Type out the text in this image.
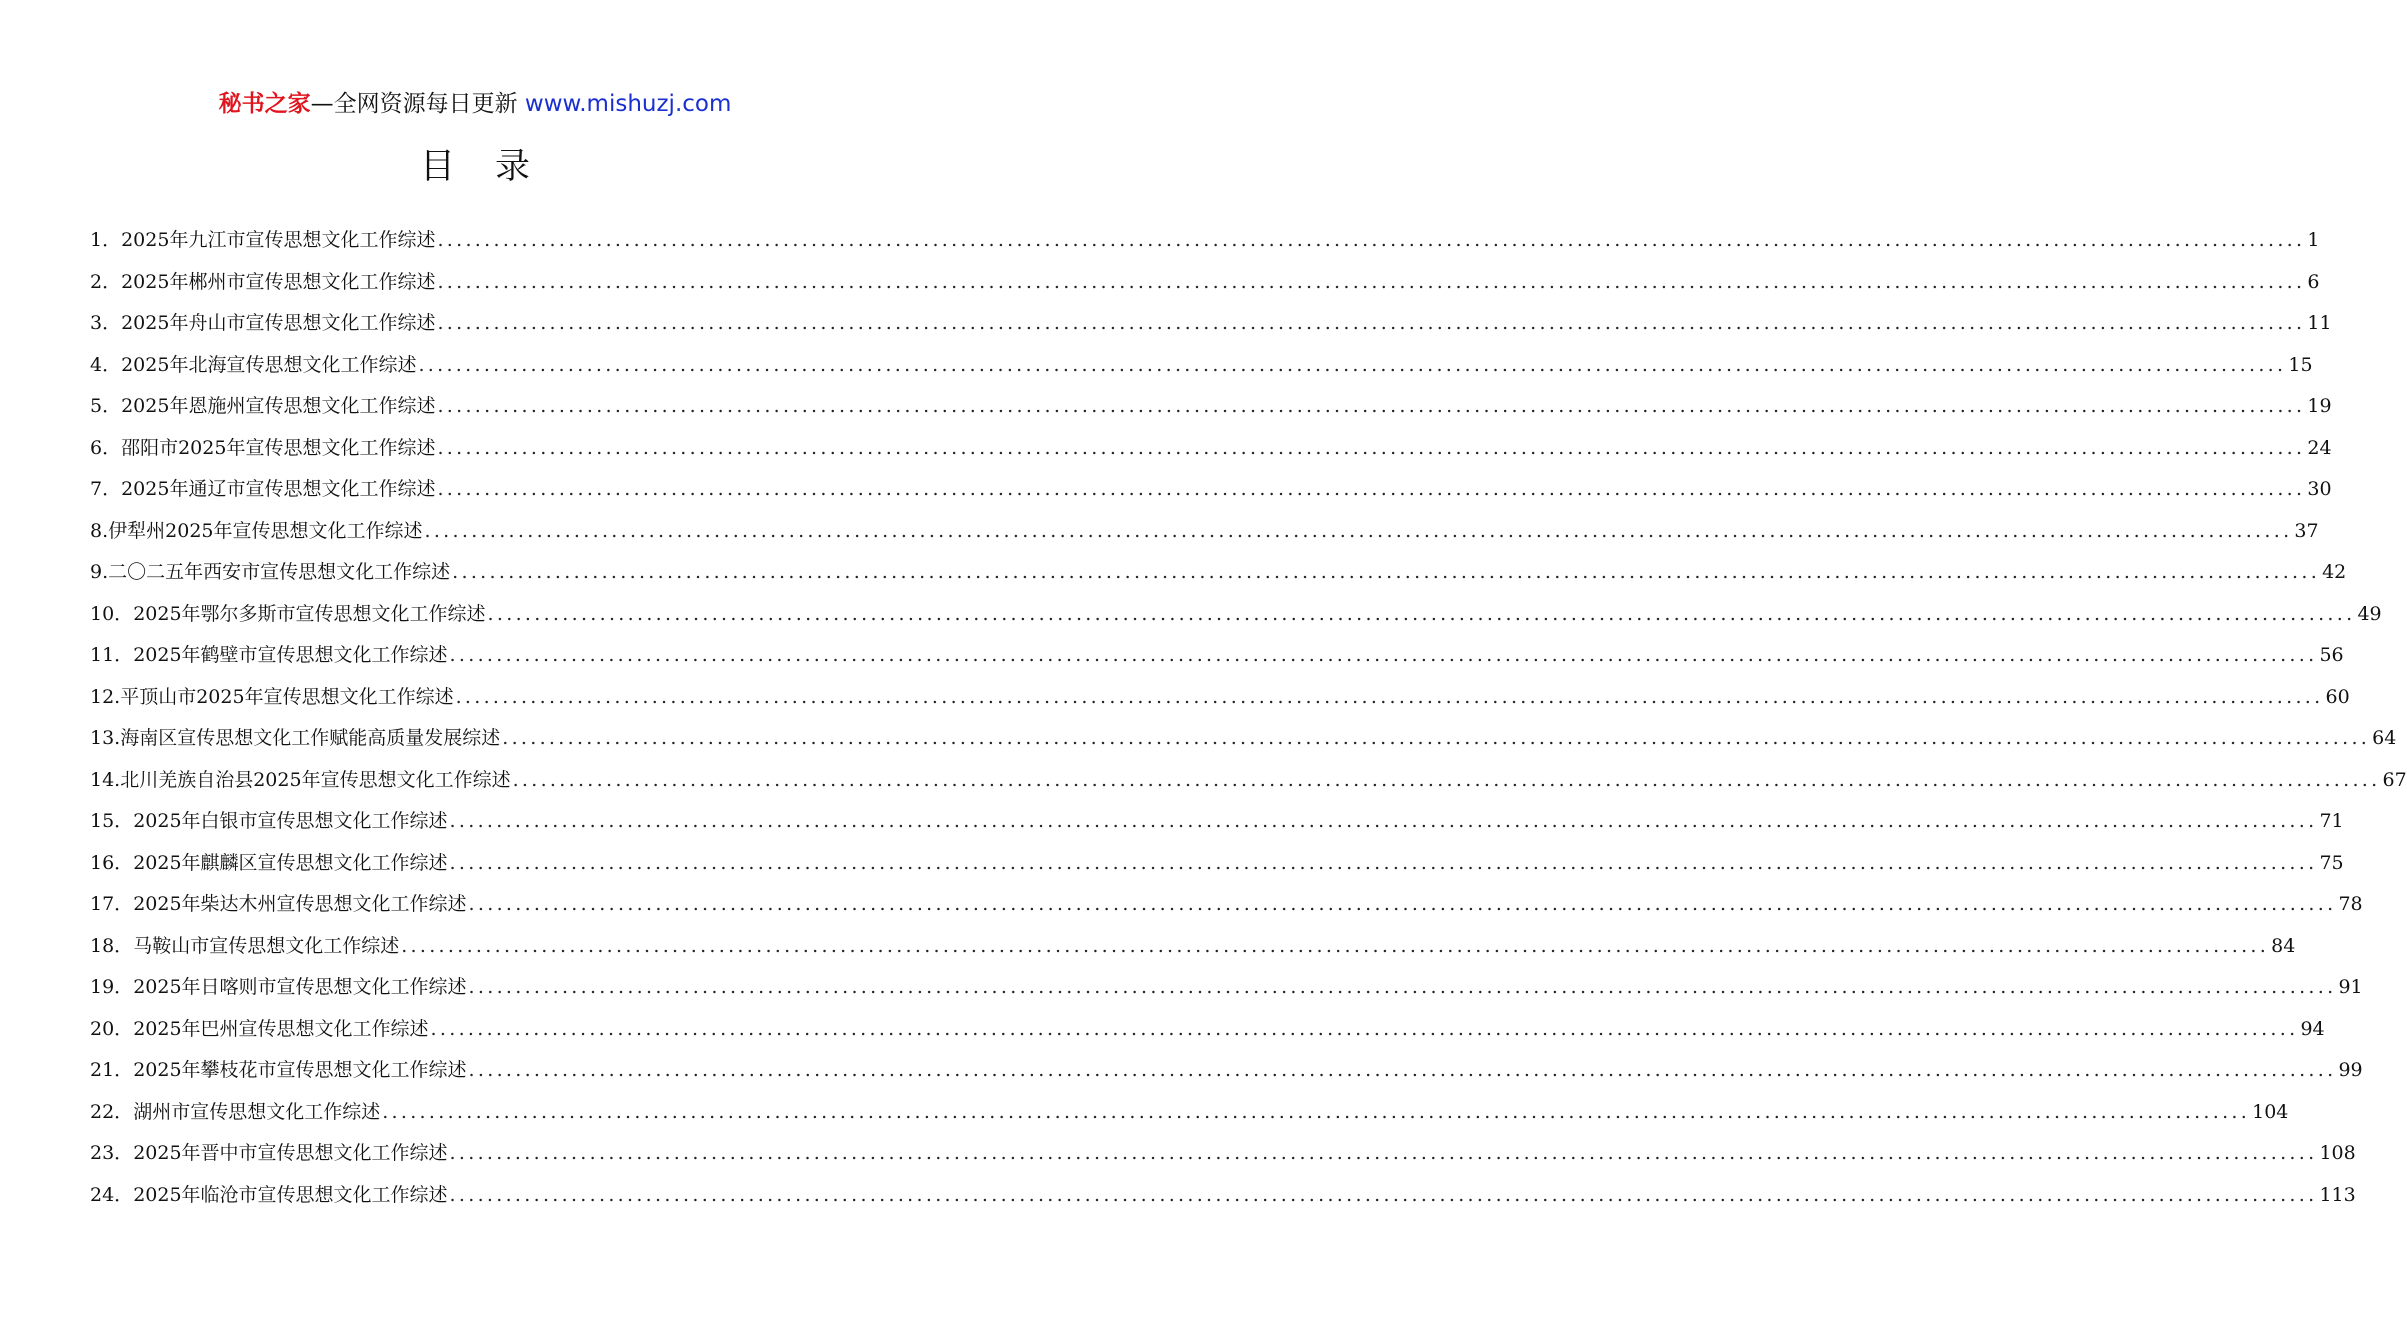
秘书之家—全网资源每日更新 www.mishuzj.com
目 录
1． 2025年九江市宣传思想文化工作综述 ........................................................................................................................................................................................................ 1
2． 2025年郴州市宣传思想文化工作综述 ........................................................................................................................................................................................................ 6
3． 2025年舟山市宣传思想文化工作综述 ........................................................................................................................................................................................................ 11
4． 2025年北海宣传思想文化工作综述 ........................................................................................................................................................................................................ 15
5． 2025年恩施州宣传思想文化工作综述 ........................................................................................................................................................................................................ 19
6． 邵阳市2025年宣传思想文化工作综述 ........................................................................................................................................................................................................ 24
7． 2025年通辽市宣传思想文化工作综述 ........................................................................................................................................................................................................ 30
8. 伊犁州2025年宣传思想文化工作综述 ........................................................................................................................................................................................................ 37
9. 二〇二五年西安市宣传思想文化工作综述 ........................................................................................................................................................................................................ 42
10． 2025年鄂尔多斯市宣传思想文化工作综述 ........................................................................................................................................................................................................ 49
11． 2025年鹤壁市宣传思想文化工作综述 ........................................................................................................................................................................................................ 56
12. 平顶山市2025年宣传思想文化工作综述 ........................................................................................................................................................................................................ 60
13. 海南区宣传思想文化工作赋能高质量发展综述 ........................................................................................................................................................................................................ 64
14. 北川羌族自治县2025年宣传思想文化工作综述 ........................................................................................................................................................................................................ 67
15． 2025年白银市宣传思想文化工作综述 ........................................................................................................................................................................................................ 71
16． 2025年麒麟区宣传思想文化工作综述 ........................................................................................................................................................................................................ 75
17． 2025年柴达木州宣传思想文化工作综述 ........................................................................................................................................................................................................ 78
18． 马鞍山市宣传思想文化工作综述 ........................................................................................................................................................................................................ 84
19． 2025年日喀则市宣传思想文化工作综述 ........................................................................................................................................................................................................ 91
20． 2025年巴州宣传思想文化工作综述 ........................................................................................................................................................................................................ 94
21． 2025年攀枝花市宣传思想文化工作综述 ........................................................................................................................................................................................................ 99
22． 湖州市宣传思想文化工作综述 ........................................................................................................................................................................................................ 104
23． 2025年晋中市宣传思想文化工作综述 ........................................................................................................................................................................................................ 108
24． 2025年临沧市宣传思想文化工作综述 ........................................................................................................................................................................................................ 113
